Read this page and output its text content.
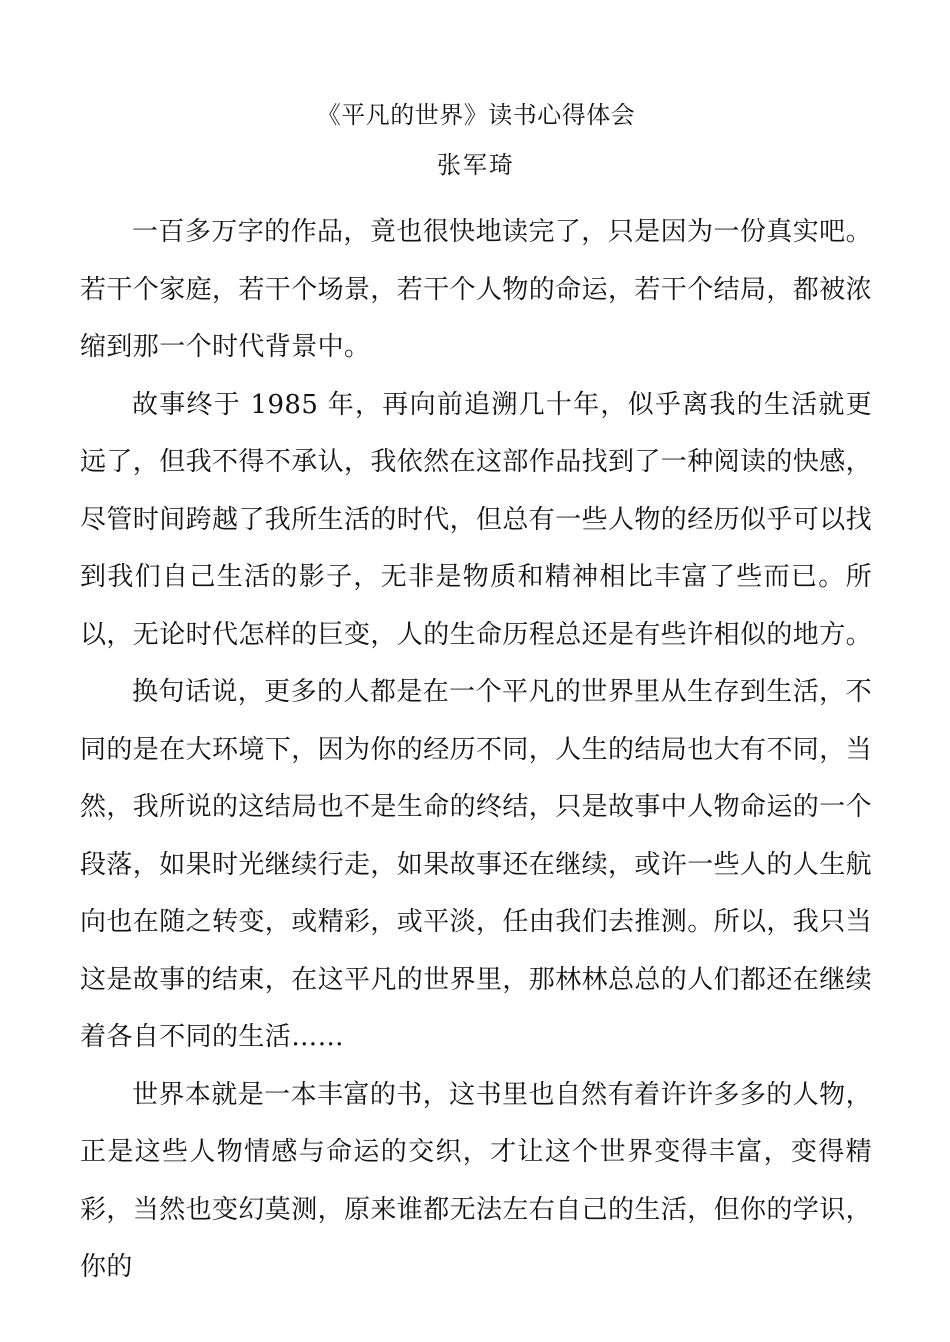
《平凡的世界》读书心得体会
张军琦

一百多万字的作品，竟也很快地读完了，只是因为一份真实吧。若干个家庭，若干个场景，若干个人物的命运，若干个结局，都被浓缩到那一个时代背景中。

故事终于 1985 年，再向前追溯几十年，似乎离我的生活就更远了，但我不得不承认，我依然在这部作品找到了一种阅读的快感，尽管时间跨越了我所生活的时代，但总有一些人物的经历似乎可以找到我们自己生活的影子，无非是物质和精神相比丰富了些而已。所以，无论时代怎样的巨变，人的生命历程总还是有些许相似的地方。

换句话说，更多的人都是在一个平凡的世界里从生存到生活，不同的是在大环境下，因为你的经历不同，人生的结局也大有不同，当然，我所说的这结局也不是生命的终结，只是故事中人物命运的一个段落，如果时光继续行走，如果故事还在继续，或许一些人的人生航向也在随之转变，或精彩，或平淡，任由我们去推测。所以，我只当这是故事的结束，在这平凡的世界里，那林林总总的人们都还在继续着各自不同的生活……

世界本就是一本丰富的书，这书里也自然有着许许多多的人物，正是这些人物情感与命运的交织，才让这个世界变得丰富，变得精彩，当然也变幻莫测，原来谁都无法左右自己的生活，但你的学识，你的
